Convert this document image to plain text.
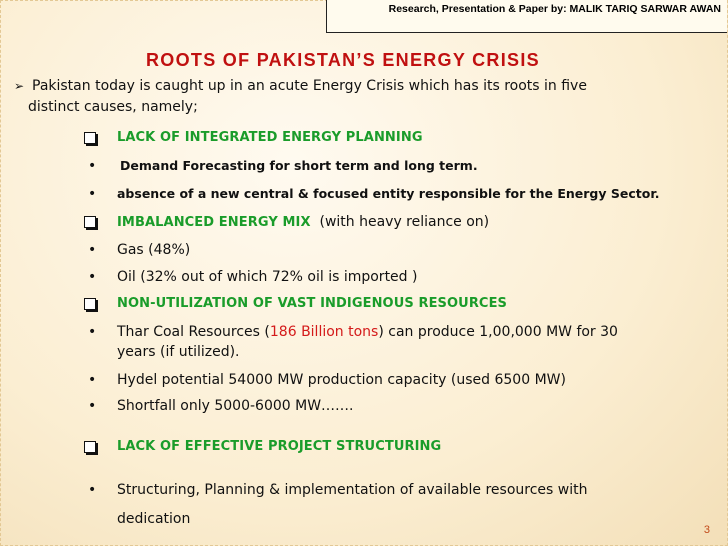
Research, Presentation & Paper by: MALIK TARIQ SARWAR AWAN
ROOTS OF PAKISTAN’S ENERGY CRISIS
➢ Pakistan today is caught up in an acute Energy Crisis which has its roots in five
distinct causes, namely;
LACK OF INTEGRATED ENERGY PLANNING
•	Demand Forecasting for short term and long term.
•	absence of a new central & focused entity responsible for the Energy Sector.
IMBALANCED ENERGY MIX (with heavy reliance on)
•	Gas (48%)
•	Oil (32% out of which 72% oil is imported )
NON-UTILIZATION OF VAST INDIGENOUS RESOURCES
•	Thar Coal Resources (186 Billion tons) can produce 1,00,000 MW for 30
years (if utilized).
•	Hydel potential 54000 MW production capacity (used 6500 MW)
•	Shortfall only 5000-6000 MW…….
LACK OF EFFECTIVE PROJECT STRUCTURING
•	Structuring, Planning & implementation of available resources with
dedication
3
